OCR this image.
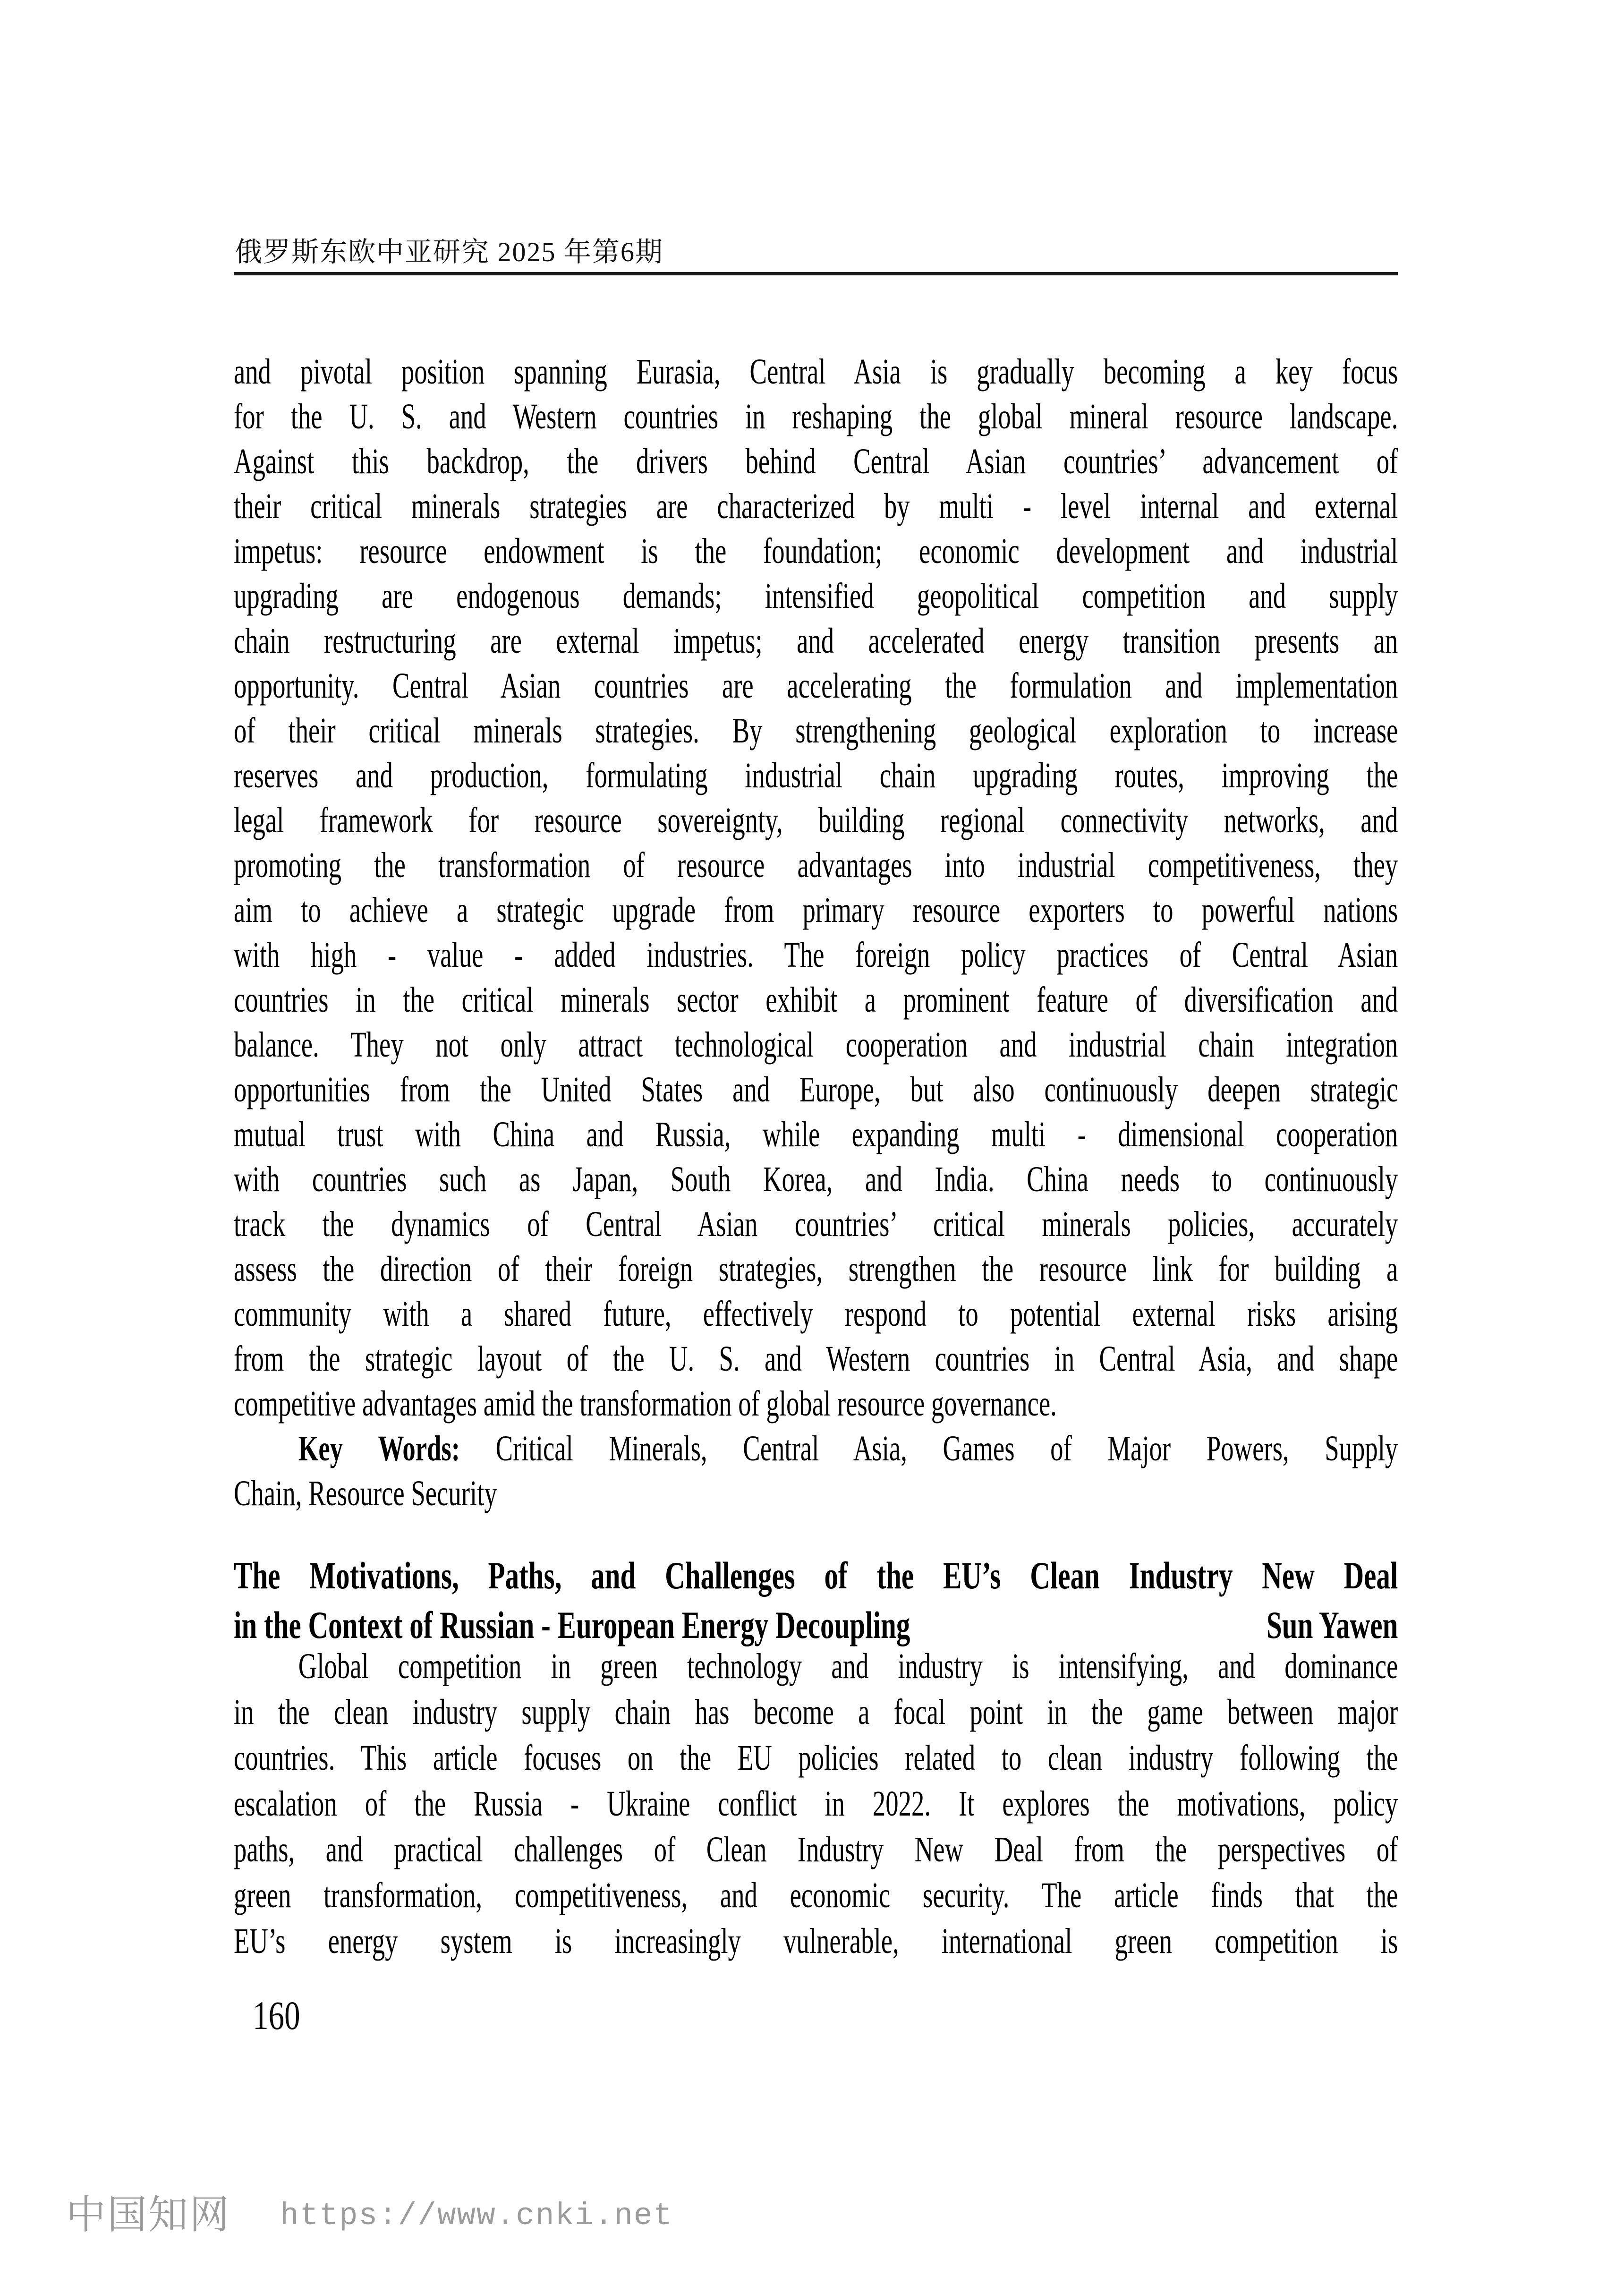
俄罗斯东欧中亚研究 2025 年第6期
and pivotal position spanning Eurasia, Central Asia is gradually becoming a key focus
for the U. S. and Western countries in reshaping the global mineral resource landscape.
Against this backdrop, the drivers behind Central Asian countries’ advancement of
their critical minerals strategies are characterized by multi - level internal and external
impetus: resource endowment is the foundation; economic development and industrial
upgrading are endogenous demands; intensified geopolitical competition and supply
chain restructuring are external impetus; and accelerated energy transition presents an
opportunity. Central Asian countries are accelerating the formulation and implementation
of their critical minerals strategies. By strengthening geological exploration to increase
reserves and production, formulating industrial chain upgrading routes, improving the
legal framework for resource sovereignty, building regional connectivity networks, and
promoting the transformation of resource advantages into industrial competitiveness, they
aim to achieve a strategic upgrade from primary resource exporters to powerful nations
with high - value - added industries. The foreign policy practices of Central Asian
countries in the critical minerals sector exhibit a prominent feature of diversification and
balance. They not only attract technological cooperation and industrial chain integration
opportunities from the United States and Europe, but also continuously deepen strategic
mutual trust with China and Russia, while expanding multi - dimensional cooperation
with countries such as Japan, South Korea, and India. China needs to continuously
track the dynamics of Central Asian countries’ critical minerals policies, accurately
assess the direction of their foreign strategies, strengthen the resource link for building a
community with a shared future, effectively respond to potential external risks arising
from the strategic layout of the U. S. and Western countries in Central Asia, and shape
competitive advantages amid the transformation of global resource governance.
Key Words: Critical Minerals, Central Asia, Games of Major Powers, Supply
Chain, Resource Security
The Motivations, Paths, and Challenges of the EU’s Clean Industry New Deal
in the Context of Russian - European Energy Decoupling	Sun Yawen
Global competition in green technology and industry is intensifying, and dominance
in the clean industry supply chain has become a focal point in the game between major
countries. This article focuses on the EU policies related to clean industry following the
escalation of the Russia - Ukraine conflict in 2022. It explores the motivations, policy
paths, and practical challenges of Clean Industry New Deal from the perspectives of
green transformation, competitiveness, and economic security. The article finds that the
EU’s energy system is increasingly vulnerable, international green competition is
160
中国知网 https://www.cnki.net
